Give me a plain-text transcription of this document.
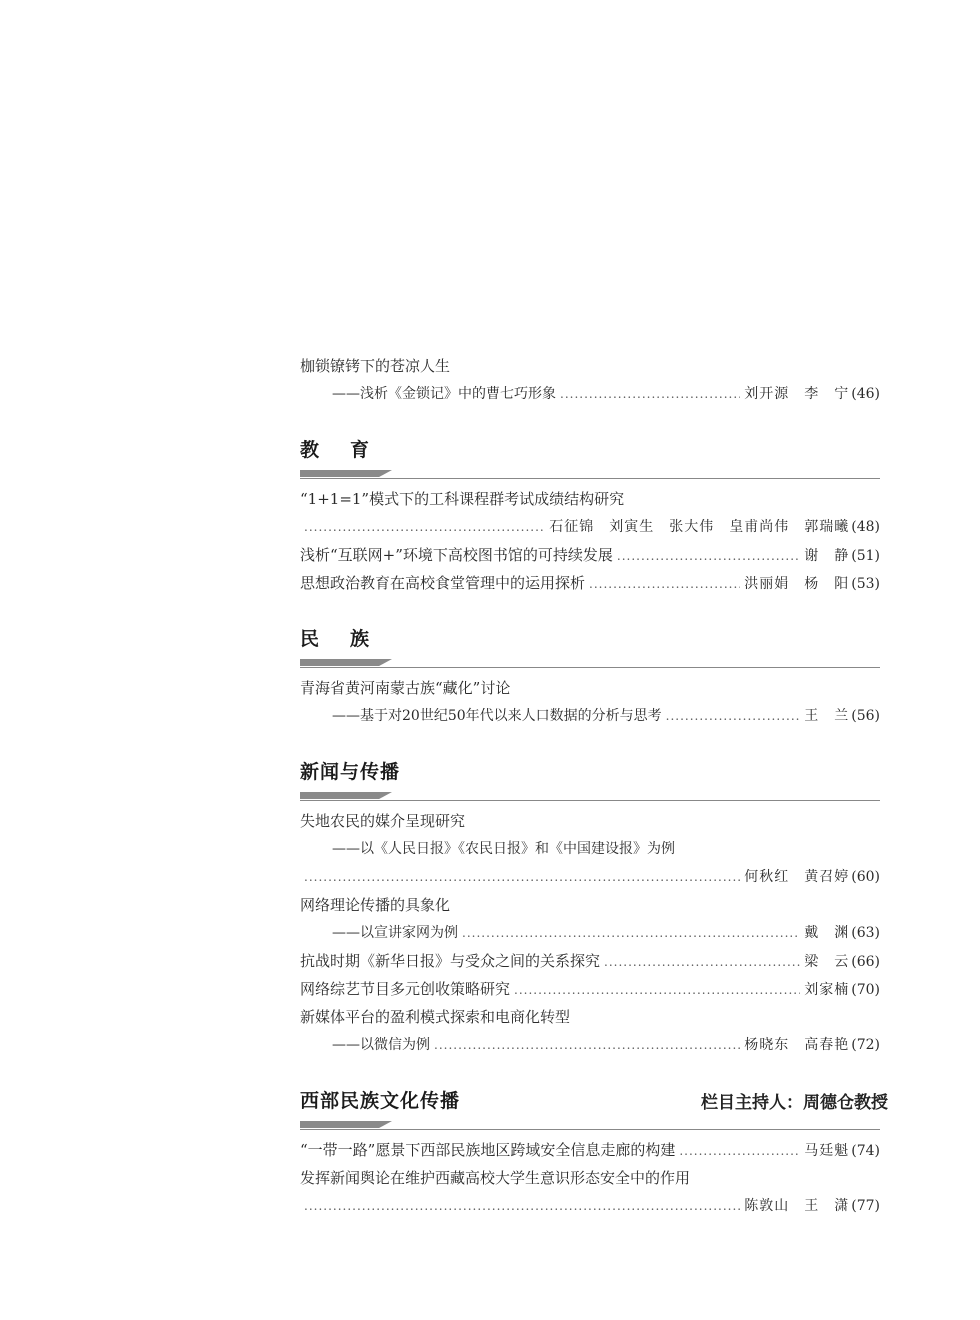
枷锁镣铐下的苍凉人生
——浅析《金锁记》中的曹七巧形象 .....	刘开源　李　宁 (46)
教　育
“1+1=1”模式下的工科课程群考试成绩结构研究
.....
石征锦　刘寅生　张大伟　皇甫尚伟　郭瑞曦 (48)
浅析“互联网+”环境下高校图书馆的可持续发展 .....	谢　静 (51)
思想政治教育在高校食堂管理中的运用探析 .....	洪丽娟　杨　阳 (53)
民　族
青海省黄河南蒙古族“藏化”讨论
——基于对20世纪50年代以来人口数据的分析与思考 .....	王　兰 (56)
新闻与传播
失地农民的媒介呈现研究
——以《人民日报》《农民日报》和《中国建设报》为例
.....
何秋红　黄召婷 (60)
网络理论传播的具象化
——以宣讲家网为例 .....	戴　渊 (63)
抗战时期《新华日报》与受众之间的关系探究 .....	梁　云 (66)
网络综艺节目多元创收策略研究 .....	刘家楠 (70)
新媒体平台的盈利模式探索和电商化转型
——以微信为例 .....	杨晓东　高春艳 (72)
西部民族文化传播	栏目主持人：周德仓教授
“一带一路”愿景下西部民族地区跨域安全信息走廊的构建 .....	马廷魁 (74)
发挥新闻舆论在维护西藏高校大学生意识形态安全中的作用
.....
陈敦山　王　潇 (77)
